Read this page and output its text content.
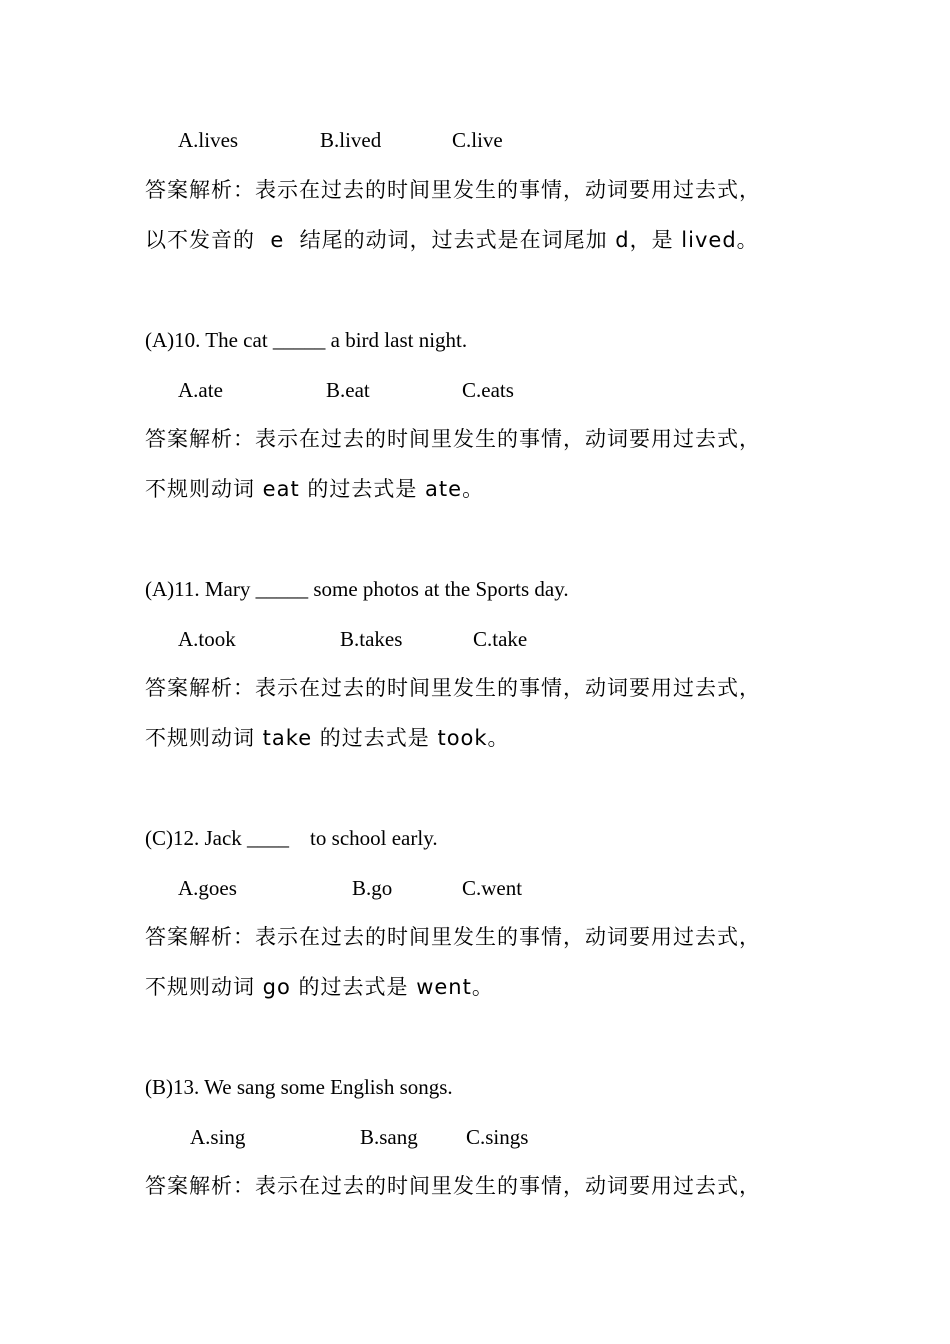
A.lives	B.lived	C.live
答案解析：表示在过去的时间里发生的事情，动词要用过去式，
以不发音的  e  结尾的动词，过去式是在词尾加 d，是 lived。
(A)10. The cat _____ a bird last night.
A.ate	B.eat	C.eats
答案解析：表示在过去的时间里发生的事情，动词要用过去式，
不规则动词 eat 的过去式是 ate。
(A)11. Mary _____ some photos at the Sports day.
A.took	B.takes	C.take
答案解析：表示在过去的时间里发生的事情，动词要用过去式，
不规则动词 take 的过去式是 took。
(C)12. Jack ____    to school early.
A.goes	B.go	C.went
答案解析：表示在过去的时间里发生的事情，动词要用过去式，
不规则动词 go 的过去式是 went。
(B)13. We sang some English songs.
A.sing	B.sang C.sings
答案解析：表示在过去的时间里发生的事情，动词要用过去式，
